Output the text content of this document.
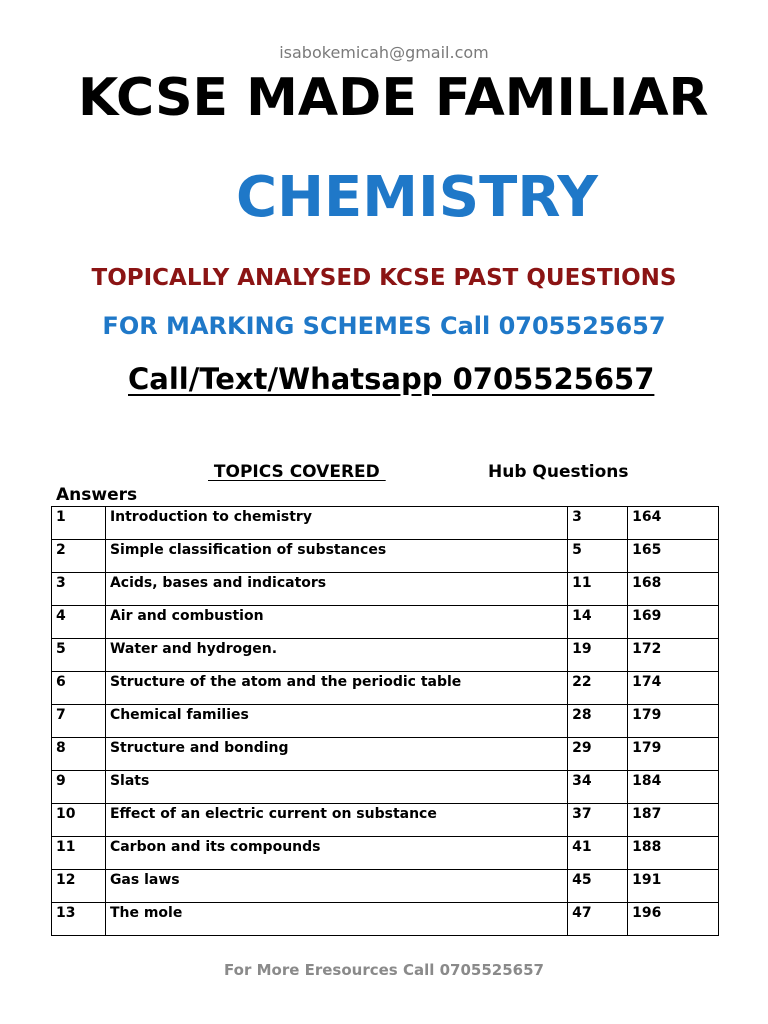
isabokemicah@gmail.com
KCSE MADE FAMILIAR
CHEMISTRY
TOPICALLY ANALYSED KCSE PAST QUESTIONS
FOR MARKING SCHEMES Call 0705525657
Call/Text/Whatsapp 0705525657
TOPICS COVERED	Hub Questions
Answers
1	Introduction to chemistry	3	164
2	Simple classification of substances	5	165
3	Acids, bases and indicators	11	168
4	Air and combustion	14	169
5	Water and hydrogen.	19	172
6	Structure of the atom and the periodic table	22	174
7	Chemical families	28	179
8	Structure and bonding	29	179
9	Slats	34	184
10	Effect of an electric current on substance	37	187
11	Carbon and its compounds	41	188
12	Gas laws	45	191
13	The mole	47	196
For More Eresources Call 0705525657
